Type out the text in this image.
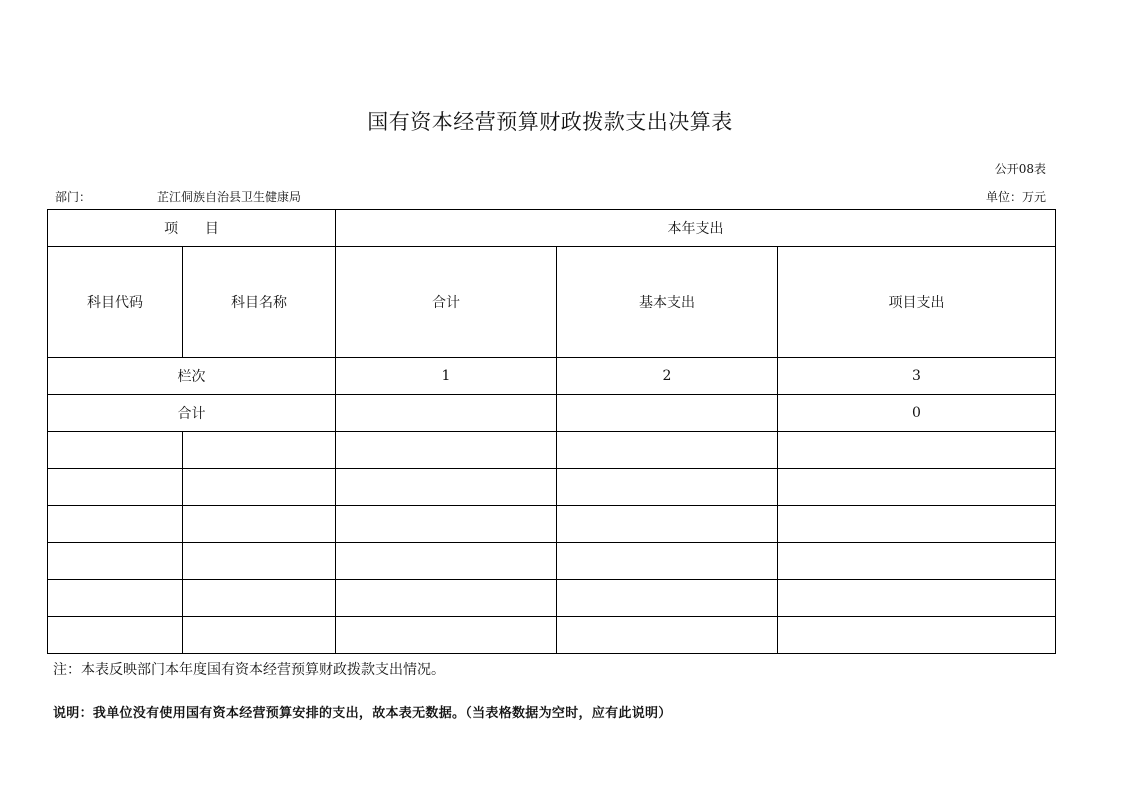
国有资本经营预算财政拨款支出决算表
公开08表
部门：	芷江侗族自治县卫生健康局	单位：万元
项      目		本年支出		
科目代码	科目名称	合计	基本支出	项目支出
栏次		1	2	3
合计				0

注：本表反映部门本年度国有资本经营预算财政拨款支出情况。
说明：我单位没有使用国有资本经营预算安排的支出，故本表无数据。（当表格数据为空时，应有此说明）
